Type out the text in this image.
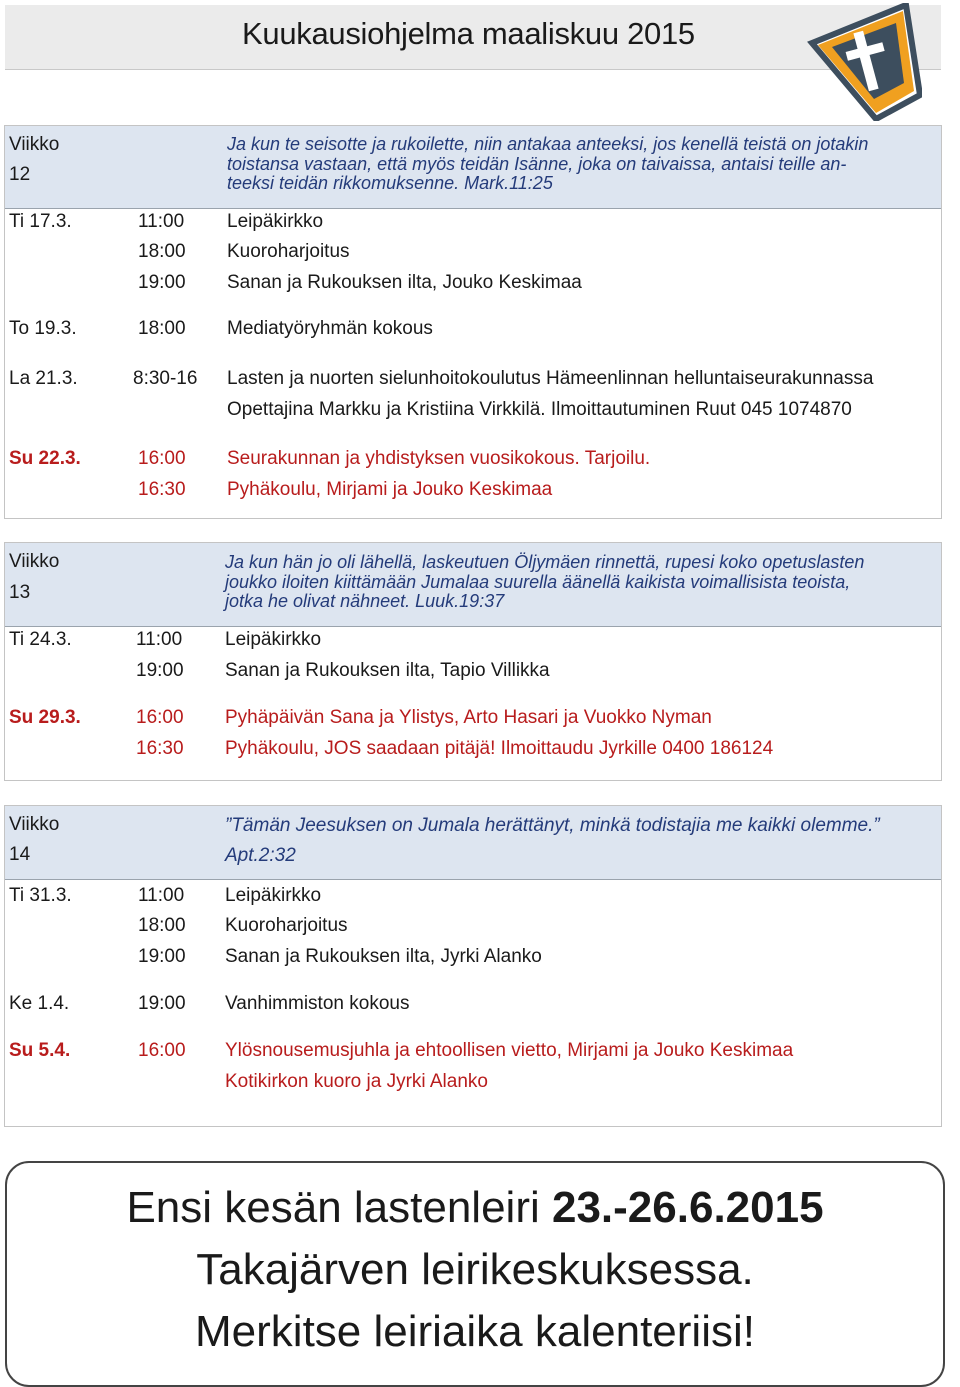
Kuukausiohjelma maaliskuu 2015
Viikko
12
Ja kun te seisotte ja rukoilette, niin antakaa anteeksi, jos kenellä teistä on jotakin
toistansa vastaan, että myös teidän Isänne, joka on taivaissa, antaisi teille an-
teeksi teidän rikkomuksenne. Mark.11:25
Ti 17.3.	11:00 Leipäkirkko
18:00 Kuoroharjoitus
19:00 Sanan ja Rukouksen ilta, Jouko Keskimaa
To 19.3.	18:00 Mediatyöryhmän kokous
La 21.3.	8:30-16 Lasten ja nuorten sielunhoitokoulutus Hämeenlinnan helluntaiseurakunnassa
Opettajina Markku ja Kristiina Virkkilä. Ilmoittautuminen Ruut 045 1074870
Su 22.3.	16:00 Seurakunnan ja yhdistyksen vuosikokous. Tarjoilu.
16:30 Pyhäkoulu, Mirjami ja Jouko Keskimaa
Viikko
13
Ja kun hän jo oli lähellä, laskeutuen Öljymäen rinnettä, rupesi koko opetuslasten
joukko iloiten kiittämään Jumalaa suurella äänellä kaikista voimallisista teoista,
jotka he olivat nähneet. Luuk.19:37
Ti 24.3.	11:00 Leipäkirkko
19:00 Sanan ja Rukouksen ilta, Tapio Villikka
Su 29.3.	16:00 Pyhäpäivän Sana ja Ylistys, Arto Hasari ja Vuokko Nyman
16:30 Pyhäkoulu, JOS saadaan pitäjä! Ilmoittaudu Jyrkille 0400 186124
Viikko
14
”Tämän Jeesuksen on Jumala herättänyt, minkä todistajia me kaikki olemme.”
Apt.2:32
Ti 31.3.	11:00 Leipäkirkko
18:00 Kuoroharjoitus
19:00 Sanan ja Rukouksen ilta, Jyrki Alanko
Ke 1.4.	19:00 Vanhimmiston kokous
Su 5.4.	16:00 Ylösnousemusjuhla ja ehtoollisen vietto, Mirjami ja Jouko Keskimaa
Kotikirkon kuoro ja Jyrki Alanko
Ensi kesän lastenleiri 23.-26.6.2015
Takajärven leirikeskuksessa.
Merkitse leiriaika kalenteriisi!
